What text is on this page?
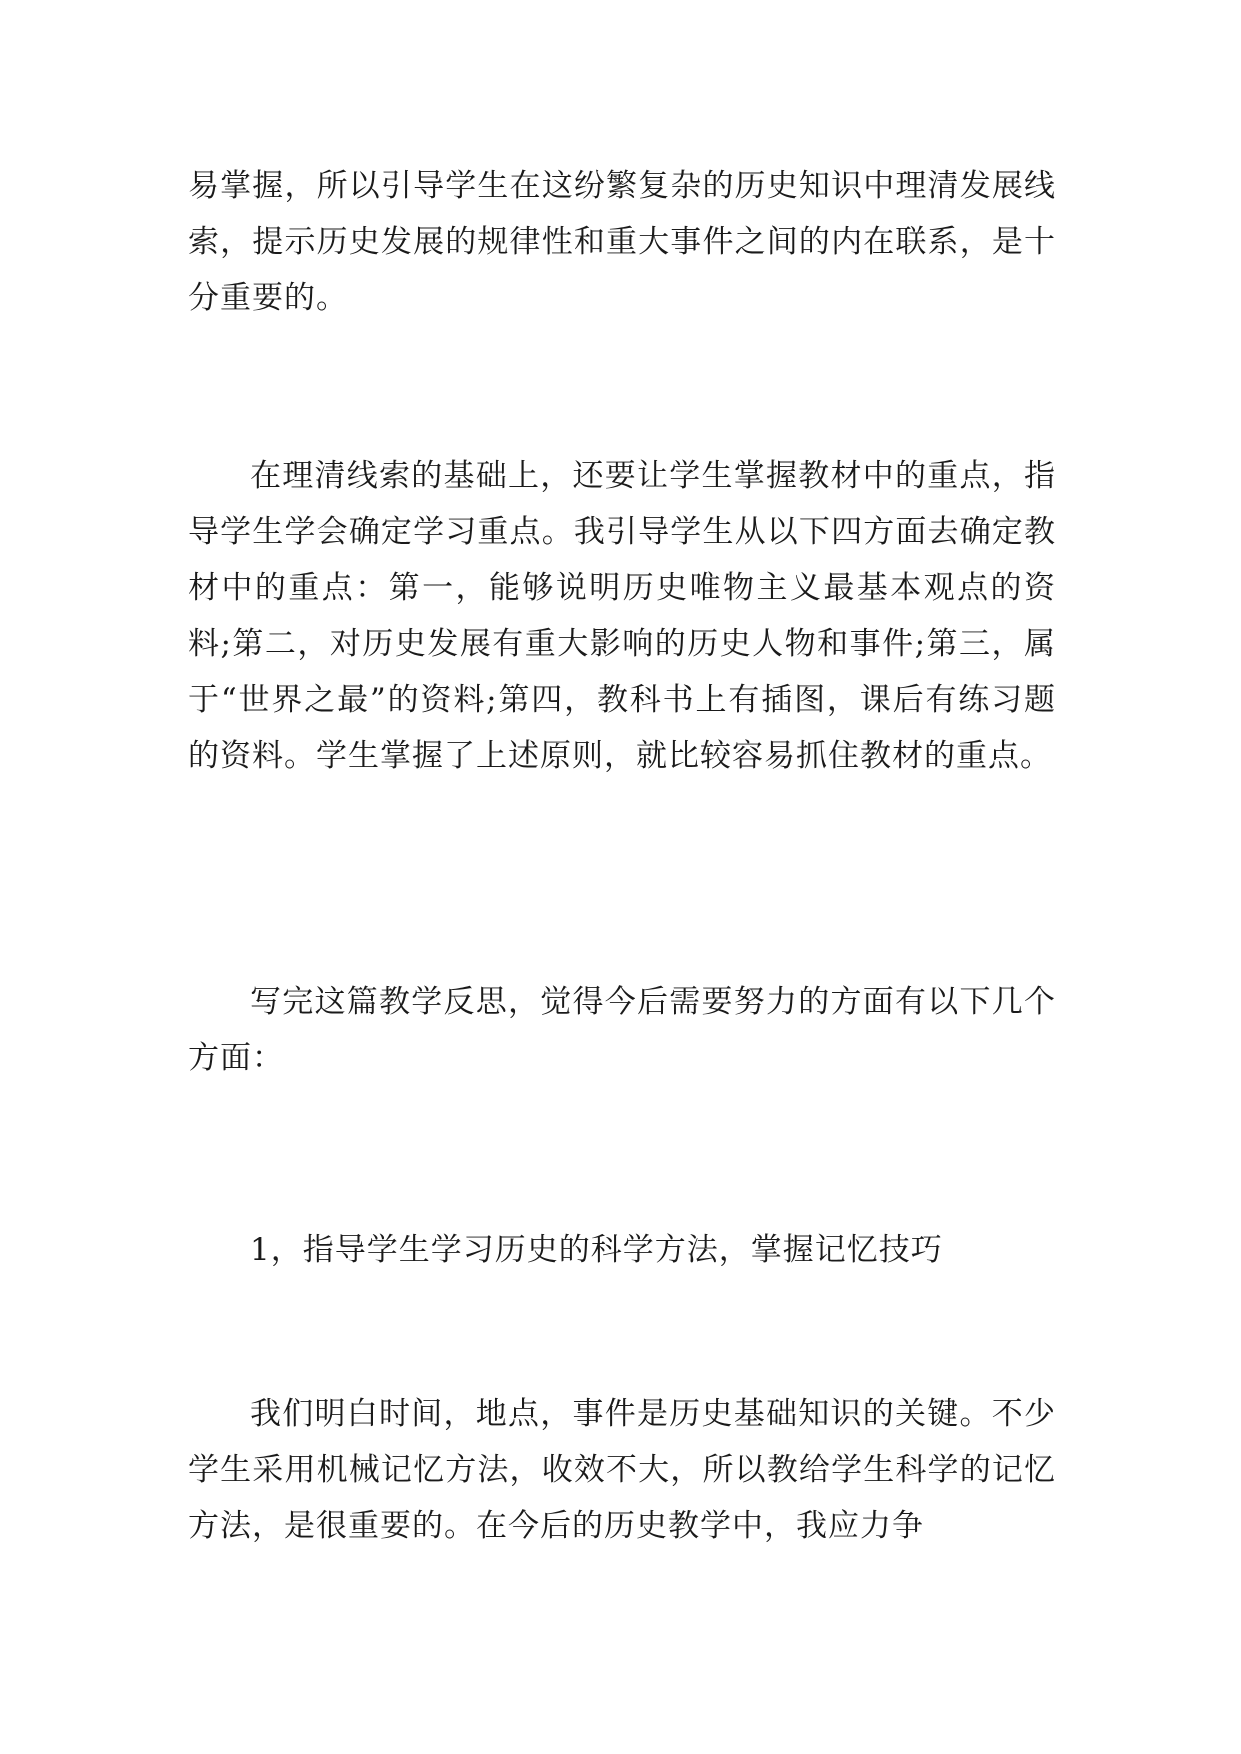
易掌握，所以引导学生在这纷繁复杂的历史知识中理清发展线索，提示历史发展的规律性和重大事件之间的内在联系，是十分重要的。

在理清线索的基础上，还要让学生掌握教材中的重点，指导学生学会确定学习重点。我引导学生从以下四方面去确定教材中的重点：第一，能够说明历史唯物主义最基本观点的资料;第二，对历史发展有重大影响的历史人物和事件;第三，属于“世界之最”的资料;第四，教科书上有插图，课后有练习题的资料。学生掌握了上述原则，就比较容易抓住教材的重点。

写完这篇教学反思，觉得今后需要努力的方面有以下几个方面：

1，指导学生学习历史的科学方法，掌握记忆技巧

我们明白时间，地点，事件是历史基础知识的关键。不少学生采用机械记忆方法，收效不大，所以教给学生科学的记忆方法，是很重要的。在今后的历史教学中，我应力争
